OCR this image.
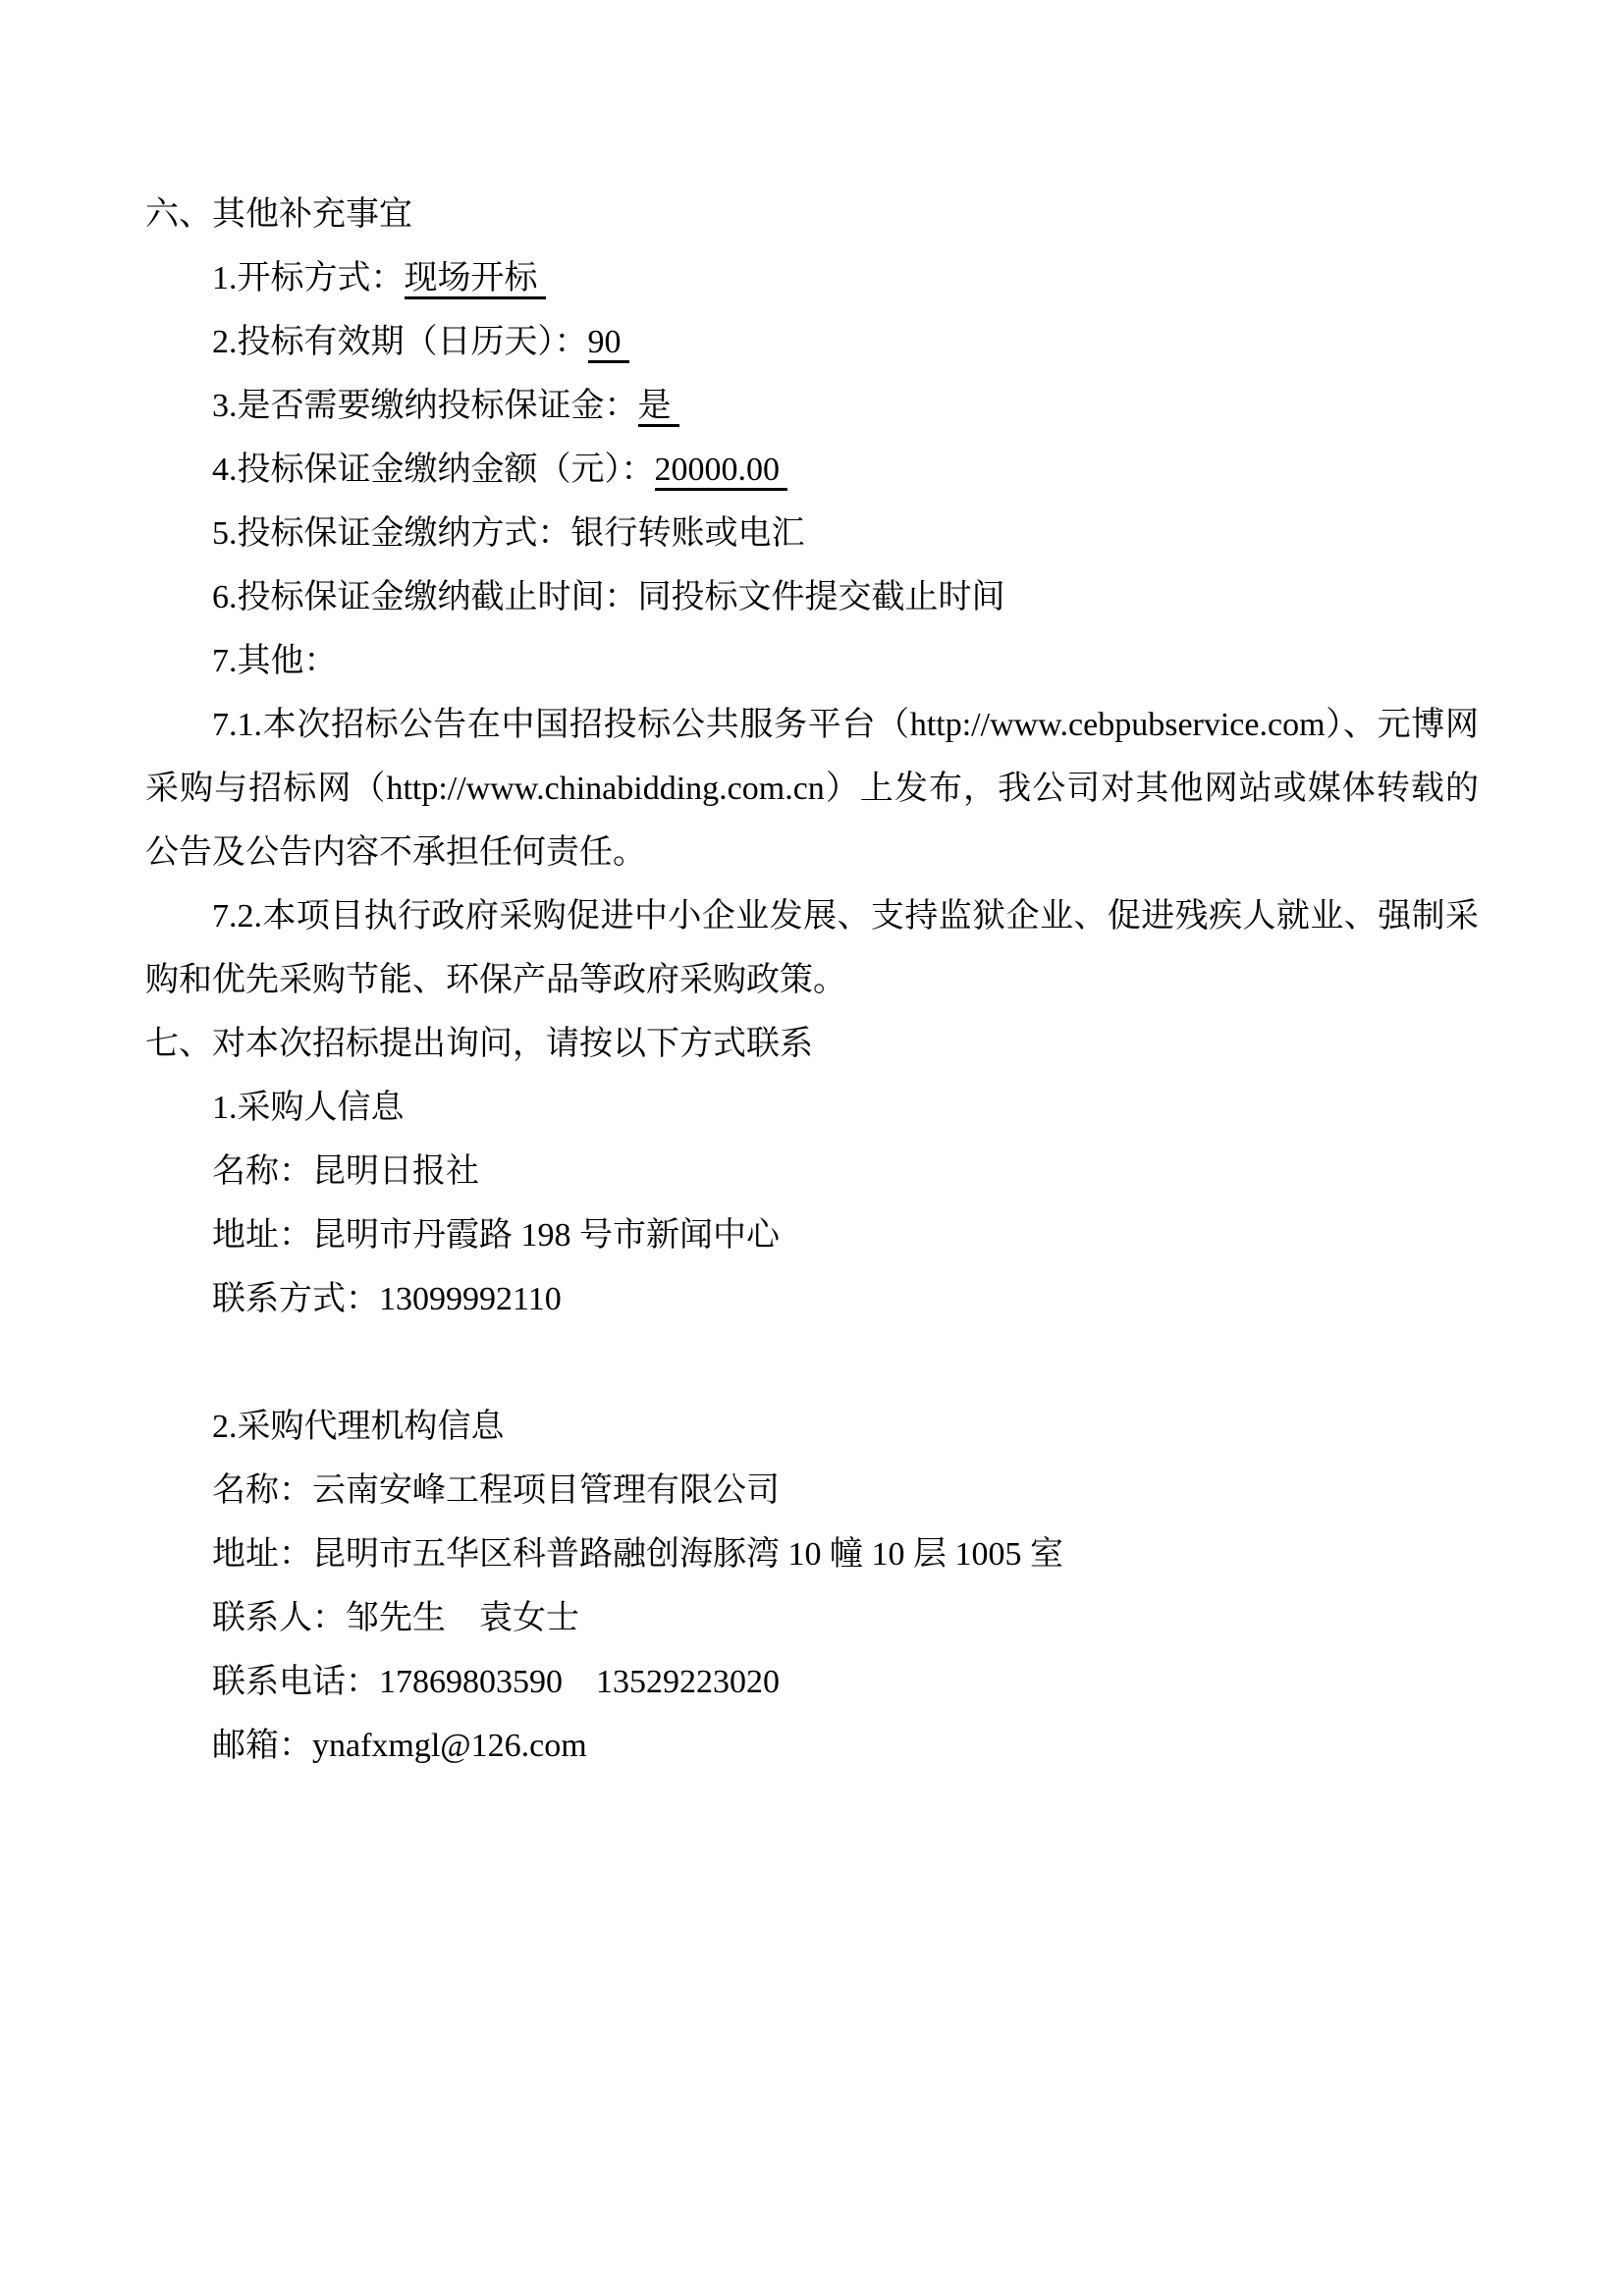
六、其他补充事宜
1.开标方式：现场开标
2.投标有效期（日历天）：90
3.是否需要缴纳投标保证金：是
4.投标保证金缴纳金额（元）：20000.00
5.投标保证金缴纳方式：银行转账或电汇
6.投标保证金缴纳截止时间：同投标文件提交截止时间
7.其他：
7.1.本次招标公告在中国招投标公共服务平台（http://www.cebpubservice.com）、元博网采购与招标网（http://www.chinabidding.com.cn）上发布，我公司对其他网站或媒体转载的公告及公告内容不承担任何责任。
7.2.本项目执行政府采购促进中小企业发展、支持监狱企业、促进残疾人就业、强制采购和优先采购节能、环保产品等政府采购政策。
七、对本次招标提出询问，请按以下方式联系
1.采购人信息
名称：昆明日报社
地址：昆明市丹霞路 198 号市新闻中心
联系方式：13099992110
2.采购代理机构信息
名称：云南安峰工程项目管理有限公司
地址：昆明市五华区科普路融创海豚湾 10 幢 10 层 1005 室
联系人：邹先生　袁女士
联系电话：17869803590　13529223020
邮箱：ynafxmgl@126.com
